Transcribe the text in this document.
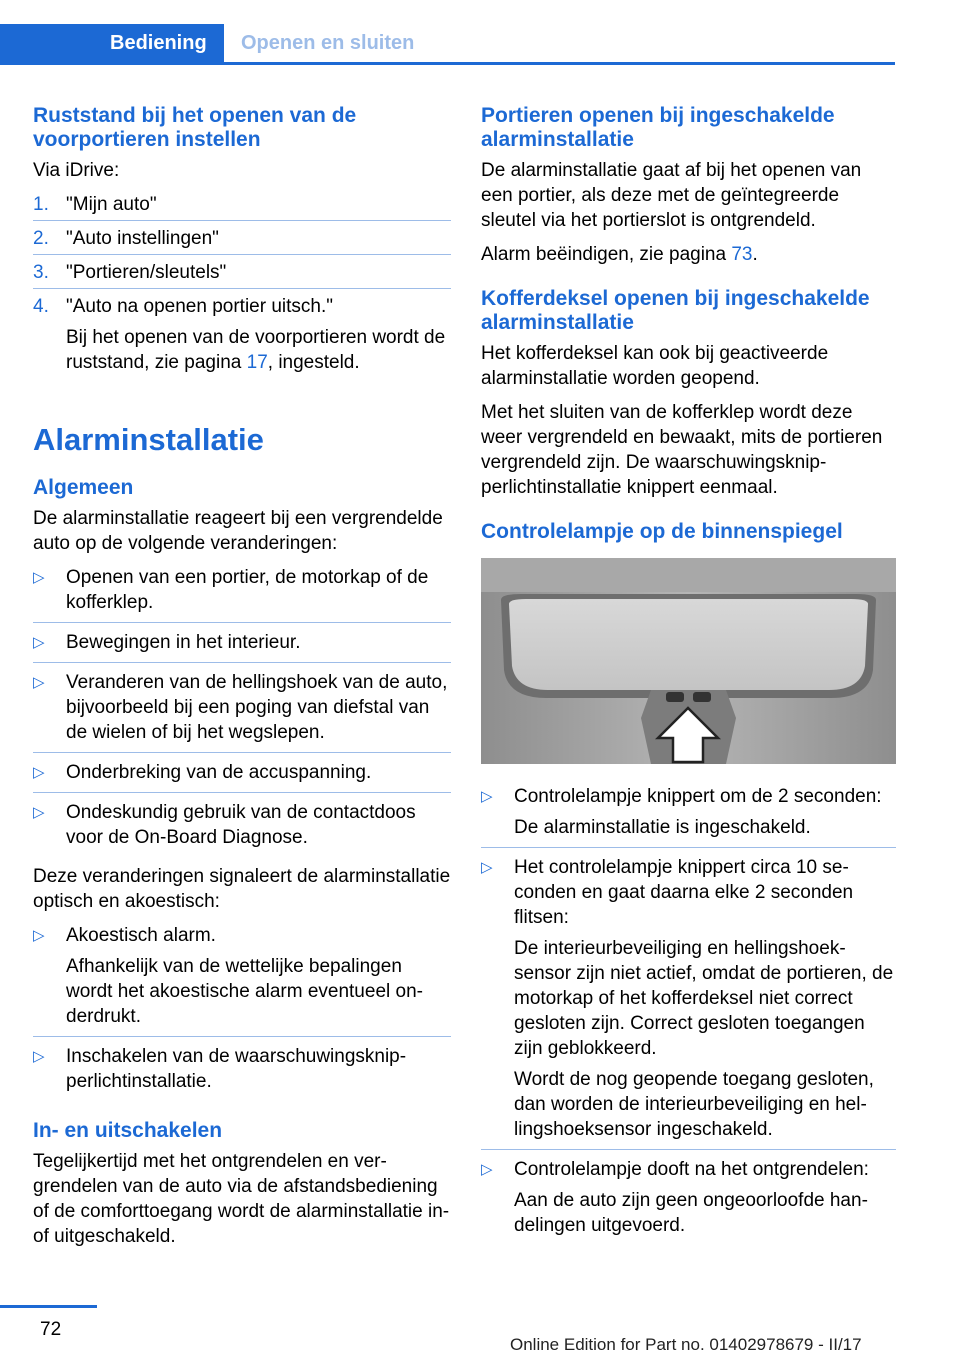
Bediening	Openen en sluiten
Ruststand bij het openen van de voorportieren instellen

Via iDrive:

1. "Mijn auto"
2. "Auto instellingen"
3. "Portieren/sleutels"
4. "Auto na openen portier uitsch."
Bij het openen van de voorportieren wordt de ruststand, zie pagina 17, ingesteld.
Alarminstallatie
Algemeen

De alarminstallatie reageert bij een vergrendelde auto op de volgende veranderingen:

▷ Openen van een portier, de motorkap of de kofferklep.
▷ Bewegingen in het interieur.
▷ Veranderen van de hellingshoek van de auto, bijvoorbeeld bij een poging van diefstal van de wielen of bij het wegslepen.
▷ Onderbreking van de accuspanning.
▷ Ondeskundig gebruik van de contactdoos voor de On-Board Diagnose.

Deze veranderingen signaleert de alarminstallatie optisch en akoestisch:

▷ Akoestisch alarm.
Afhankelijk van de wettelijke bepalingen wordt het akoestische alarm eventueel onderdrukt.
▷ Inschakelen van de waarschuwingsknipperlichtinstallatie.
In- en uitschakelen

Tegelijkertijd met het ontgrendelen en vergrendelen van de auto via de afstandsbediening of de comforttoegang wordt de alarminstallatie in- of uitgeschakeld.

Portieren openen bij ingeschakelde alarminstallatie

De alarminstallatie gaat af bij het openen van een portier, als deze met de geïntegreerde sleutel via het portierslot is ontgrendeld.

Alarm beëindigen, zie pagina 73.

Kofferdeksel openen bij ingeschakelde alarminstallatie

Het kofferdeksel kan ook bij geactiveerde alarminstallatie worden geopend.

Met het sluiten van de kofferklep wordt deze weer vergrendeld en bewaakt, mits de portieren vergrendeld zijn. De waarschuwingsknipperlichtinstallatie knippert eenmaal.

Controlelampje op de binnenspiegel
▷ Controlelampje knippert om de 2 seconden:
De alarminstallatie is ingeschakeld.
▷ Het controlelampje knippert circa 10 seconden en gaat daarna elke 2 seconden flitsen:
De interieurbeveiliging en hellingshoeksensor zijn niet actief, omdat de portieren, de motorkap of het kofferdeksel niet correct gesloten zijn. Correct gesloten toegangen zijn geblokkeerd.
Wordt de nog geopende toegang gesloten, dan worden de interieurbeveiliging en hellingshoeksensor ingeschakeld.
▷ Controlelampje dooft na het ontgrendelen:
Aan de auto zijn geen ongeoorloofde handelingen uitgevoerd.
72
Online Edition for Part no. 01402978679 - II/17
